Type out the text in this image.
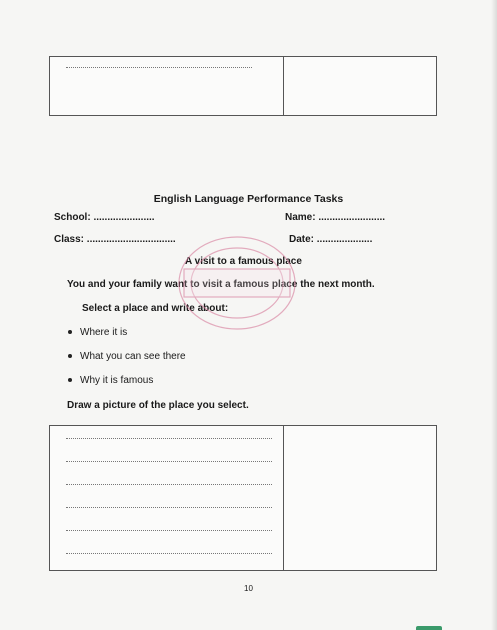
English Language Performance Tasks
School: ......................	Name: ........................
Class: ................................	Date: ....................
A visit to a famous place
You and your family want to visit a famous place the next month.
Select a place and write about:
Where it is
What you can see there
Why it is famous
Draw a picture of the place you select.
10
